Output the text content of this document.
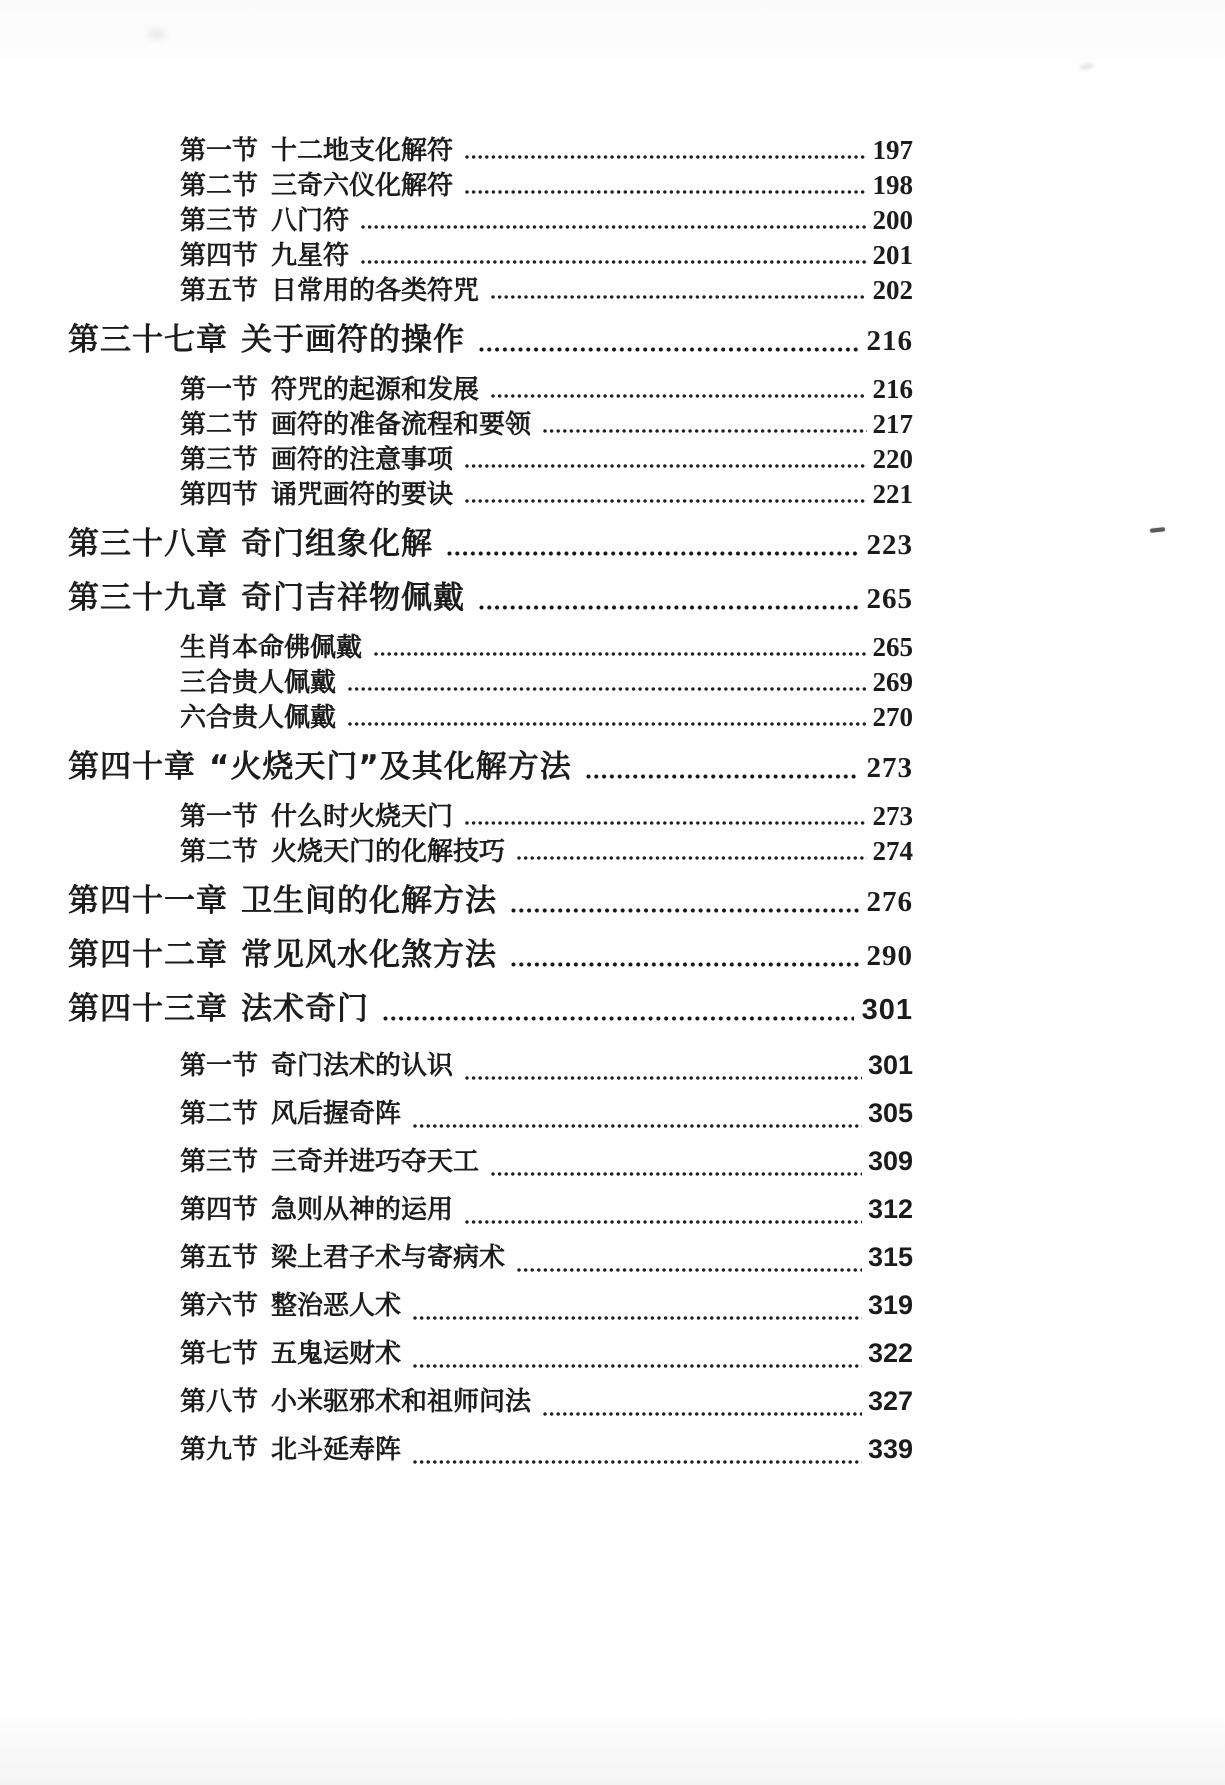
第一节 十二地支化解符	197
第二节 三奇六仪化解符	198
第三节 八门符	200
第四节 九星符	201
第五节 日常用的各类符咒	202
第三十七章 关于画符的操作	216
第一节 符咒的起源和发展	216
第二节 画符的准备流程和要领	217
第三节 画符的注意事项	220
第四节 诵咒画符的要诀	221
第三十八章 奇门组象化解	223
第三十九章 奇门吉祥物佩戴	265
生肖本命佛佩戴	265
三合贵人佩戴	269
六合贵人佩戴	270
第四十章 “火烧天门”及其化解方法	273
第一节 什么时火烧天门	273
第二节 火烧天门的化解技巧	274
第四十一章 卫生间的化解方法	276
第四十二章 常见风水化煞方法	290
第四十三章 法术奇门	301
第一节 奇门法术的认识	301
第二节 风后握奇阵	305
第三节 三奇并进巧夺天工	309
第四节 急则从神的运用	312
第五节 梁上君子术与寄病术	315
第六节 整治恶人术	319
第七节 五鬼运财术	322
第八节 小米驱邪术和祖师问法	327
第九节 北斗延寿阵	339
